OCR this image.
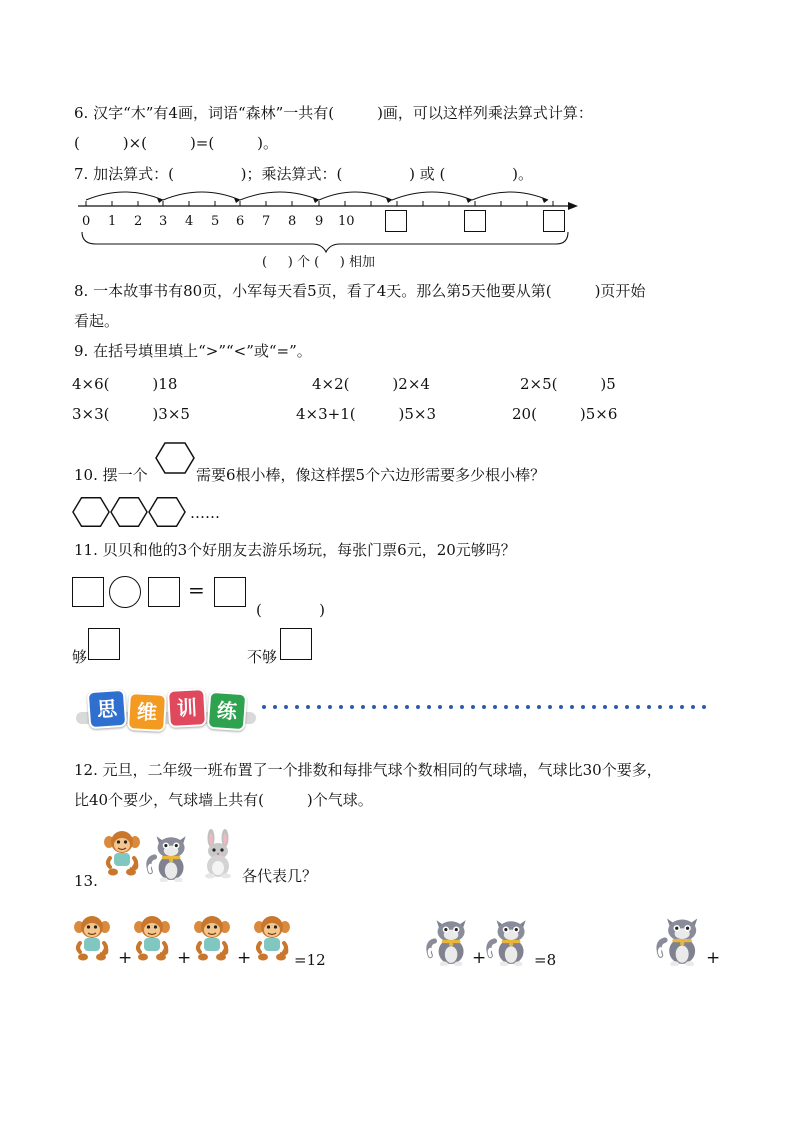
6. 汉字“木”有4画，词语“森林”一共有(         )画，可以这样列乘法算式计算：
(         )×(         )=(         )。
7. 加法算式：(              )；乘法算式：(              ) 或 (              )。
0 1 2 3 4 5 6 7 8 9 10
(     ) 个 (     ) 相加
8. 一本故事书有80页，小军每天看5页，看了4天。那么第5天他要从第(         )页开始
看起。
9. 在括号填里填上“>”“<”或“=”。
4×6(         )18	4×2(         )2×4	2×5(         )5
3×3(         )3×5	4×3+1(         )5×3	20(         )5×6
10. 摆一个	需要6根小棒，像这样摆5个六边形需要多少根小棒？
……
11. 贝贝和他的3个好朋友去游乐场玩，每张门票6元，20元够吗？
=
(            )
够	不够
思 维 训 练
12. 元旦，二年级一班布置了一个排数和每排气球个数相同的气球墙，气球比30个要多，
比40个要少，气球墙上共有(         )个气球。
13.	各代表几？
+	+	+	=12	+	=8	+
